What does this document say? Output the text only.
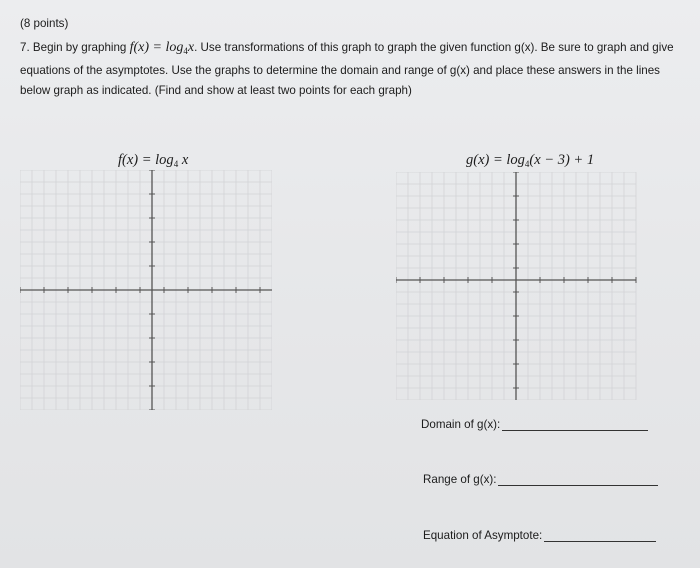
(8 points)

7. Begin by graphing $f(x) = \log_4x$. Use transformations of this graph to graph the given function g(x). Be sure to graph and give equations of the asymptotes. Use the graphs to determine the domain and range of g(x) and place these answers in the lines below graph as indicated. (Find and show at least two points for each graph)

$f(x) = \log_4 x$	$g(x) = \log_4(x - 3) + 1$
Domain of g(x):
Range of g(x):
Equation of Asymptote:
